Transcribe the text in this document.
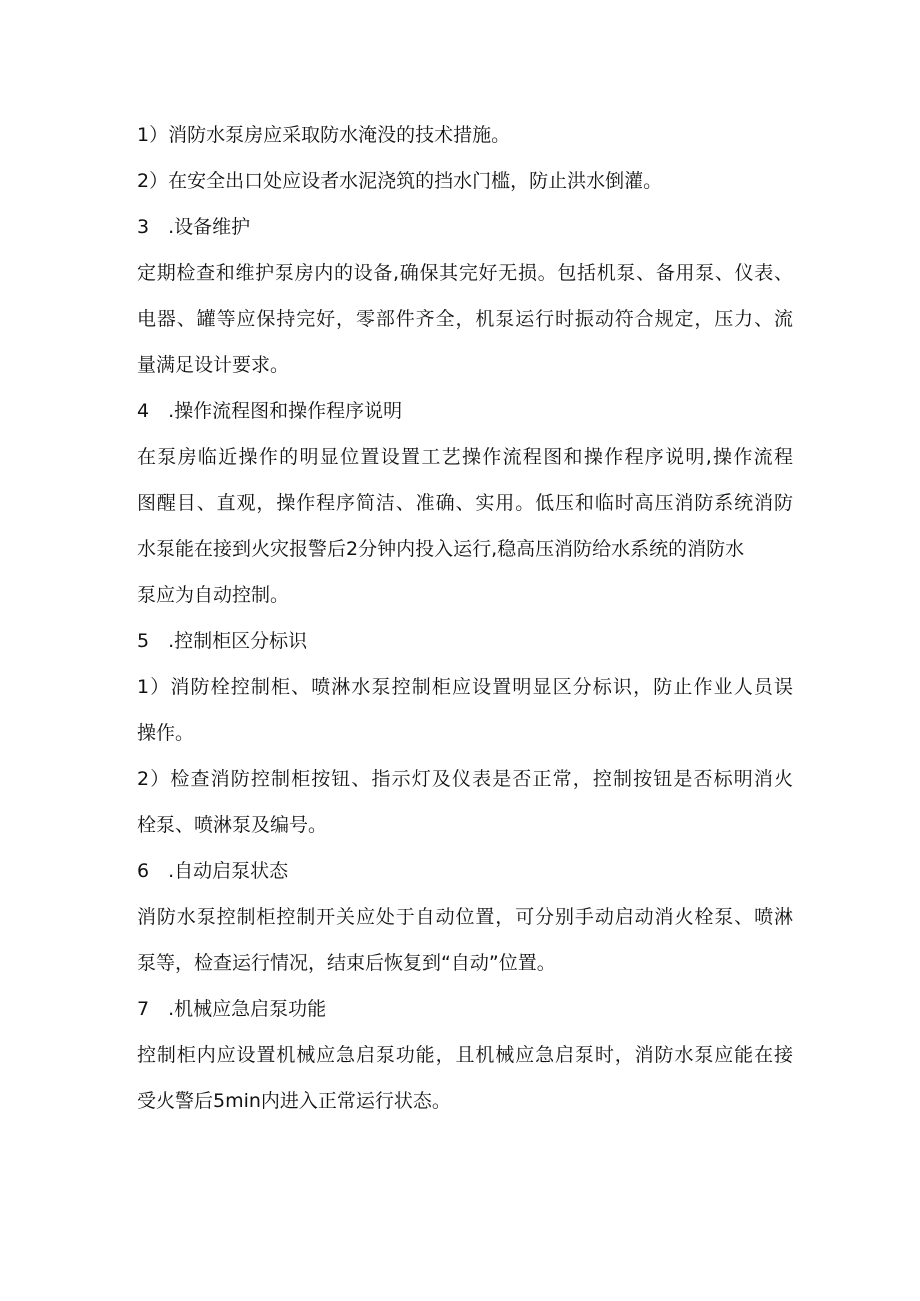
1）消防水泵房应采取防水淹没的技术措施。
2）在安全出口处应设者水泥浇筑的挡水门槛，防止洪水倒灌。
3　.设备维护
定期检查和维护泵房内的设备,确保其完好无损。包括机泵、备用泵、仪表、
电器、罐等应保持完好，零部件齐全，机泵运行时振动符合规定，压力、流
量满足设计要求。
4　.操作流程图和操作程序说明
在泵房临近操作的明显位置设置工艺操作流程图和操作程序说明,操作流程
图醒目、直观，操作程序简洁、准确、实用。低压和临时高压消防系统消防
水泵能在接到火灾报警后2分钟内投入运行,稳高压消防给水系统的消防水
泵应为自动控制。
5　.控制柜区分标识
1）消防栓控制柜、喷淋水泵控制柜应设置明显区分标识，防止作业人员误
操作。
2）检查消防控制柜按钮、指示灯及仪表是否正常，控制按钮是否标明消火
栓泵、喷淋泵及编号。
6　.自动启泵状态
消防水泵控制柜控制开关应处于自动位置，可分别手动启动消火栓泵、喷淋
泵等，检查运行情况，结束后恢复到“自动”位置。
7　.机械应急启泵功能
控制柜内应设置机械应急启泵功能，且机械应急启泵时，消防水泵应能在接
受火警后5min内进入正常运行状态。
